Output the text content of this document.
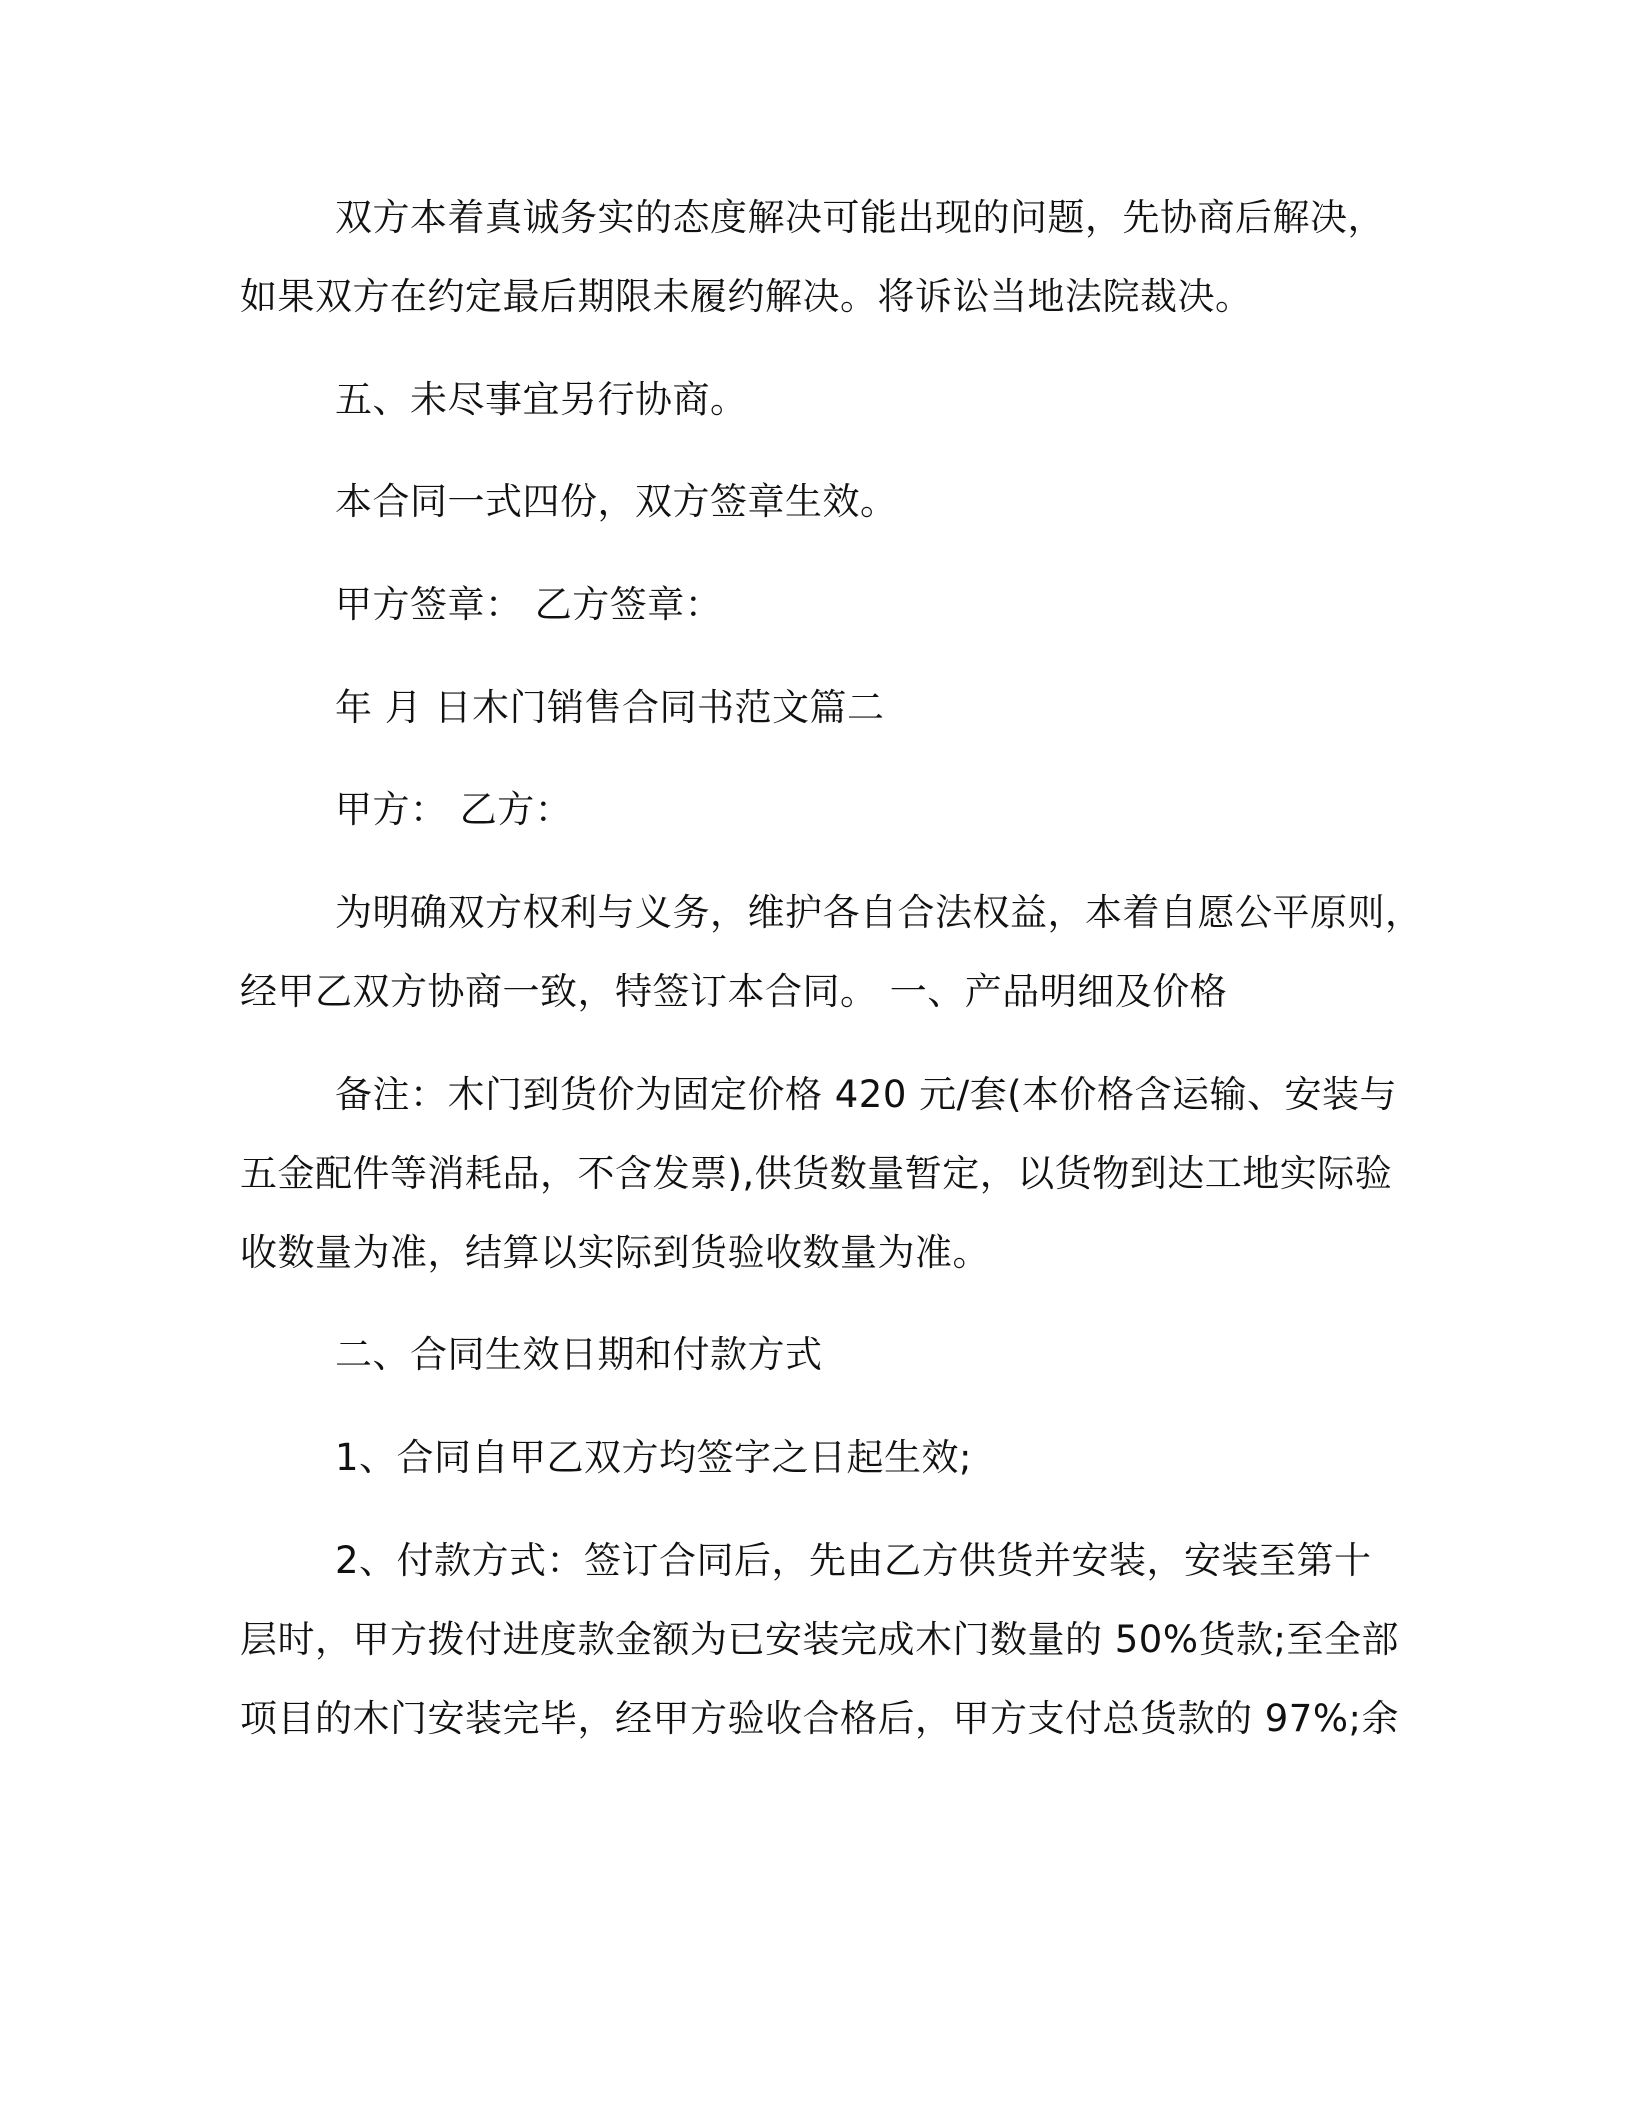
双方本着真诚务实的态度解决可能出现的问题，先协商后解决，
如果双方在约定最后期限未履约解决。将诉讼当地法院裁决。
五、未尽事宜另行协商。
本合同一式四份，双方签章生效。
甲方签章： 乙方签章：
年 月 日木门销售合同书范文篇二
甲方： 乙方：
为明确双方权利与义务，维护各自合法权益，本着自愿公平原则，
经甲乙双方协商一致，特签订本合同。 一、产品明细及价格
备注：木门到货价为固定价格 420 元/套(本价格含运输、安装与
五金配件等消耗品，不含发票),供货数量暂定，以货物到达工地实际验
收数量为准，结算以实际到货验收数量为准。
二、合同生效日期和付款方式
1、合同自甲乙双方均签字之日起生效;
2、付款方式：签订合同后，先由乙方供货并安装，安装至第十
层时，甲方拨付进度款金额为已安装完成木门数量的 50%货款;至全部
项目的木门安装完毕，经甲方验收合格后，甲方支付总货款的 97%;余
